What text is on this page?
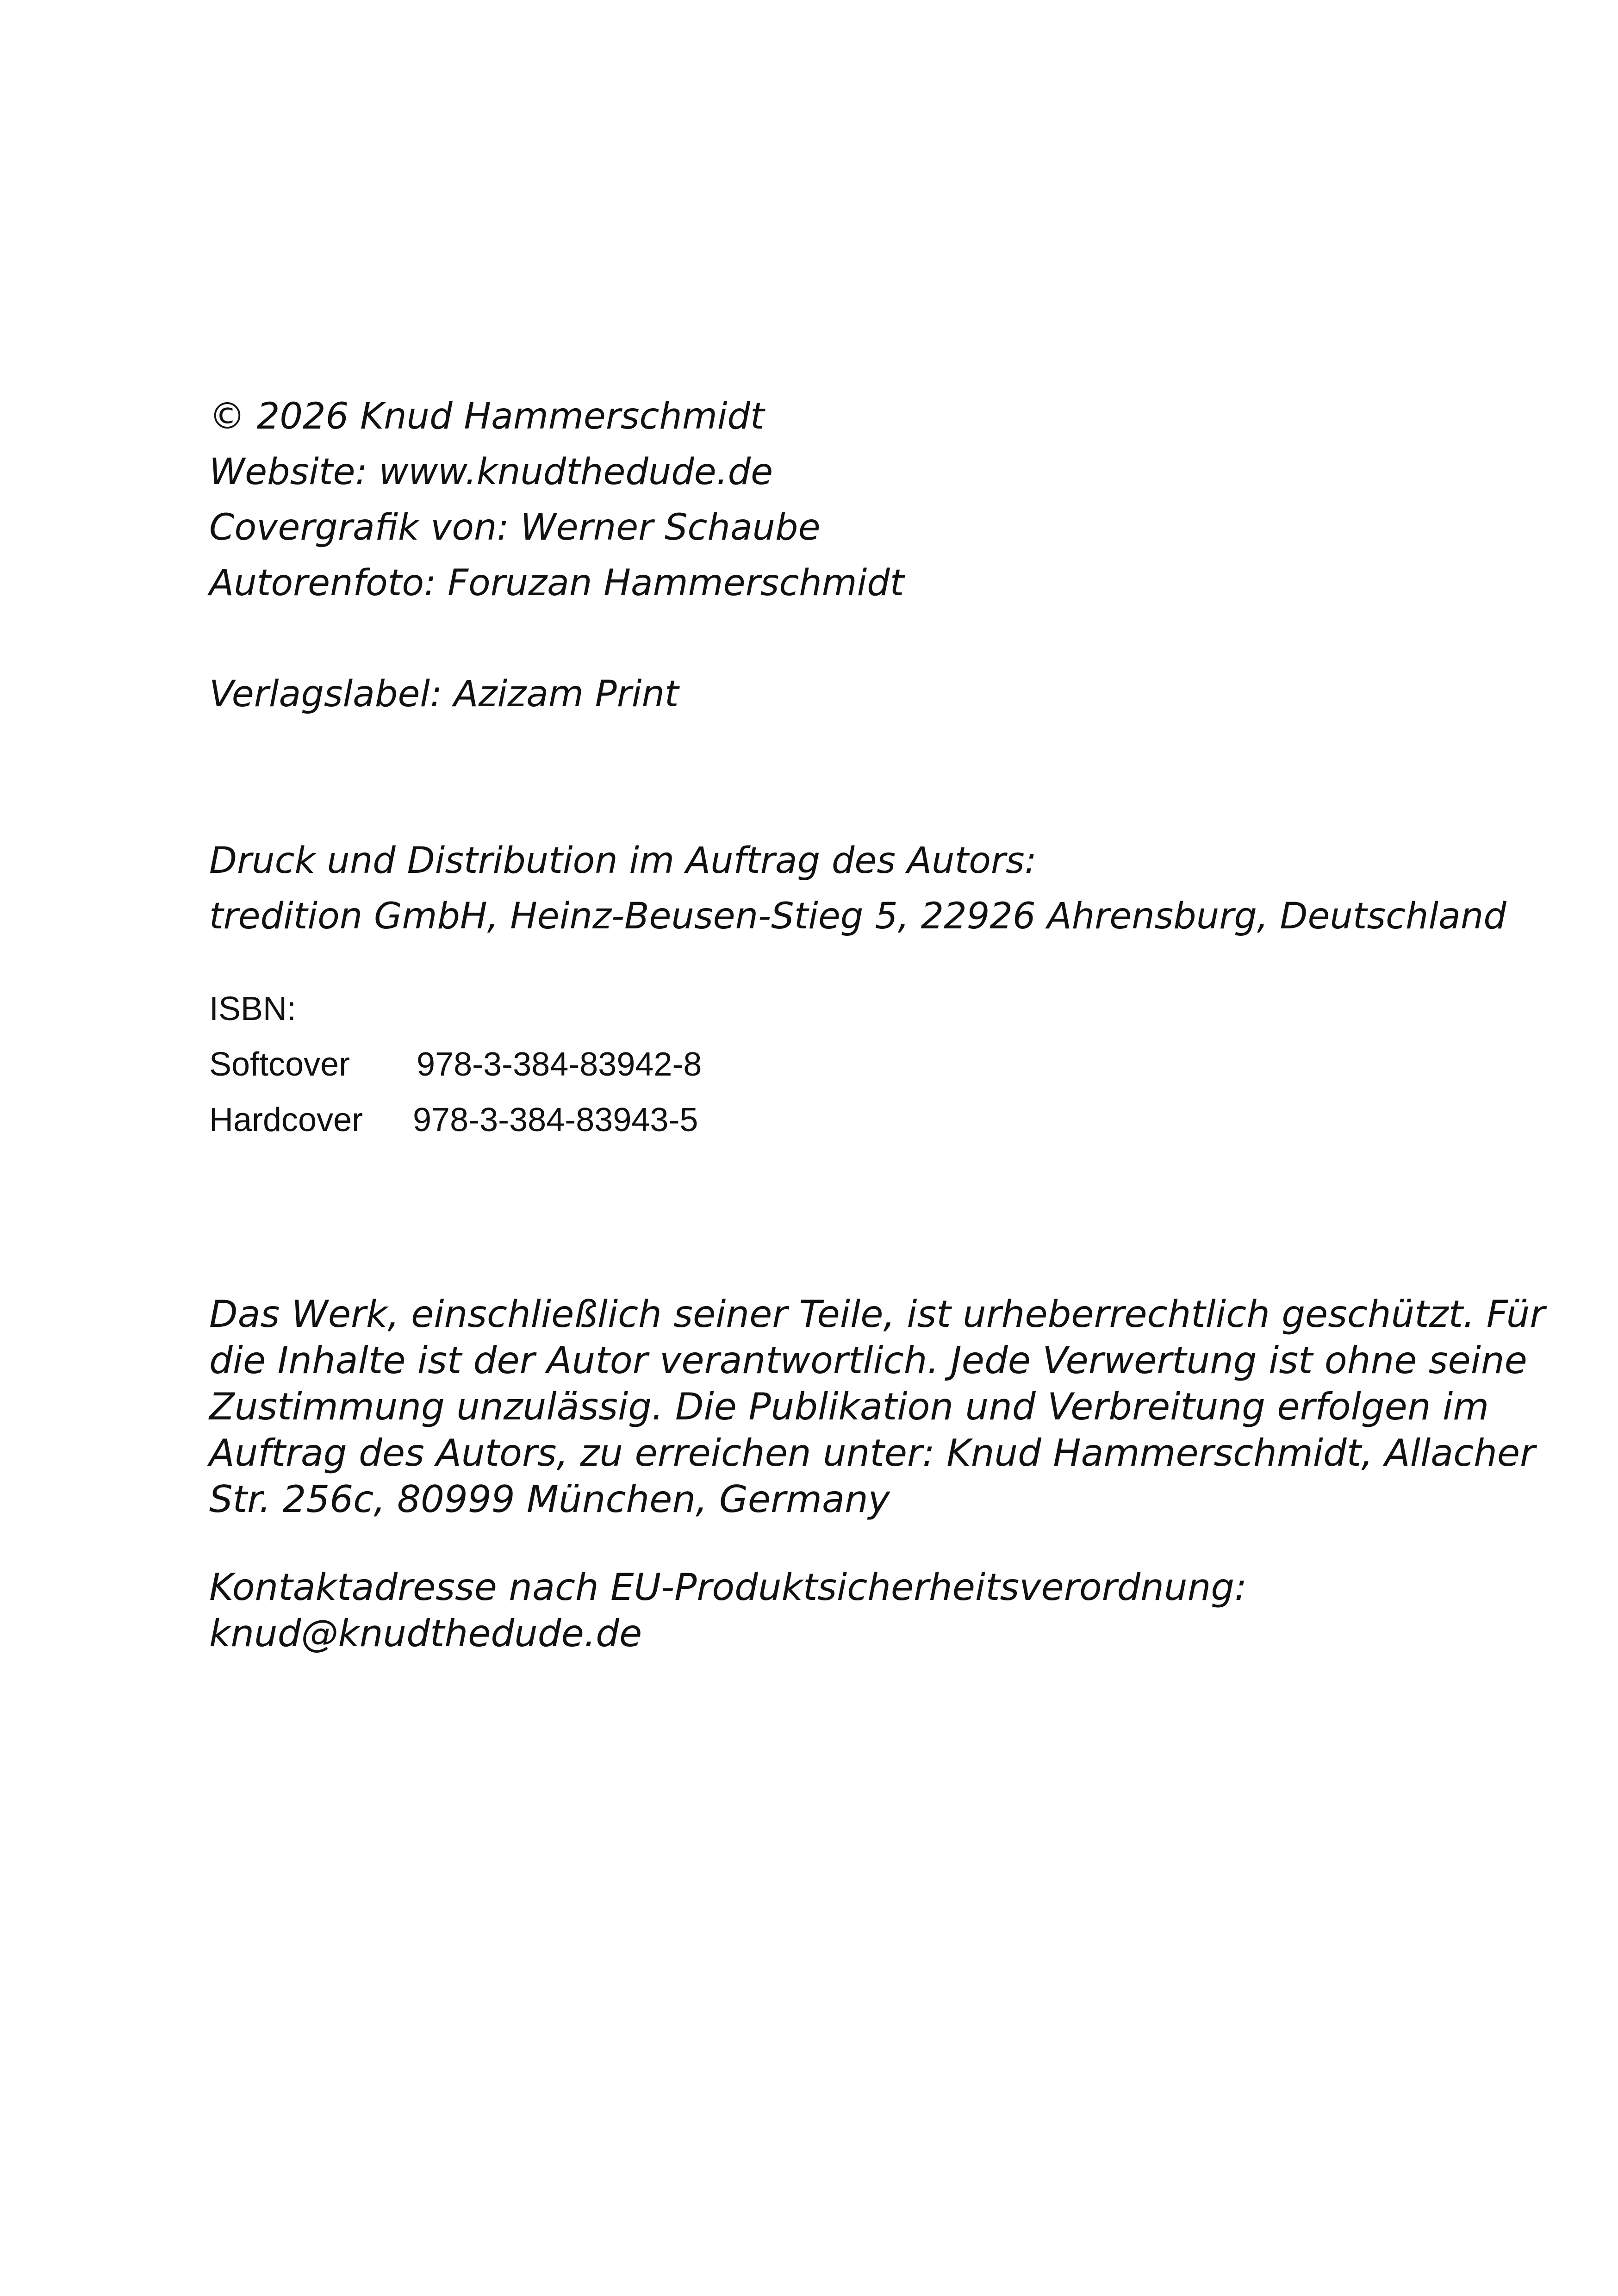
© 2026 Knud Hammerschmidt
Website: www.knudthedude.de
Covergrafik von: Werner Schaube
Autorenfoto: Foruzan Hammerschmidt
Verlagslabel: Azizam Print
Druck und Distribution im Auftrag des Autors:
tredition GmbH, Heinz-Beusen-Stieg 5, 22926 Ahrensburg, Deutschland
ISBN:
Softcover 978-3-384-83942-8
Hardcover 978-3-384-83943-5
Das Werk, einschließlich seiner Teile, ist urheberrechtlich geschützt. Für
die Inhalte ist der Autor verantwortlich. Jede Verwertung ist ohne seine
Zustimmung unzulässig. Die Publikation und Verbreitung erfolgen im
Auftrag des Autors, zu erreichen unter: Knud Hammerschmidt, Allacher
Str. 256c, 80999 München, Germany
Kontaktadresse nach EU-Produktsicherheitsverordnung:
knud@knudthedude.de
